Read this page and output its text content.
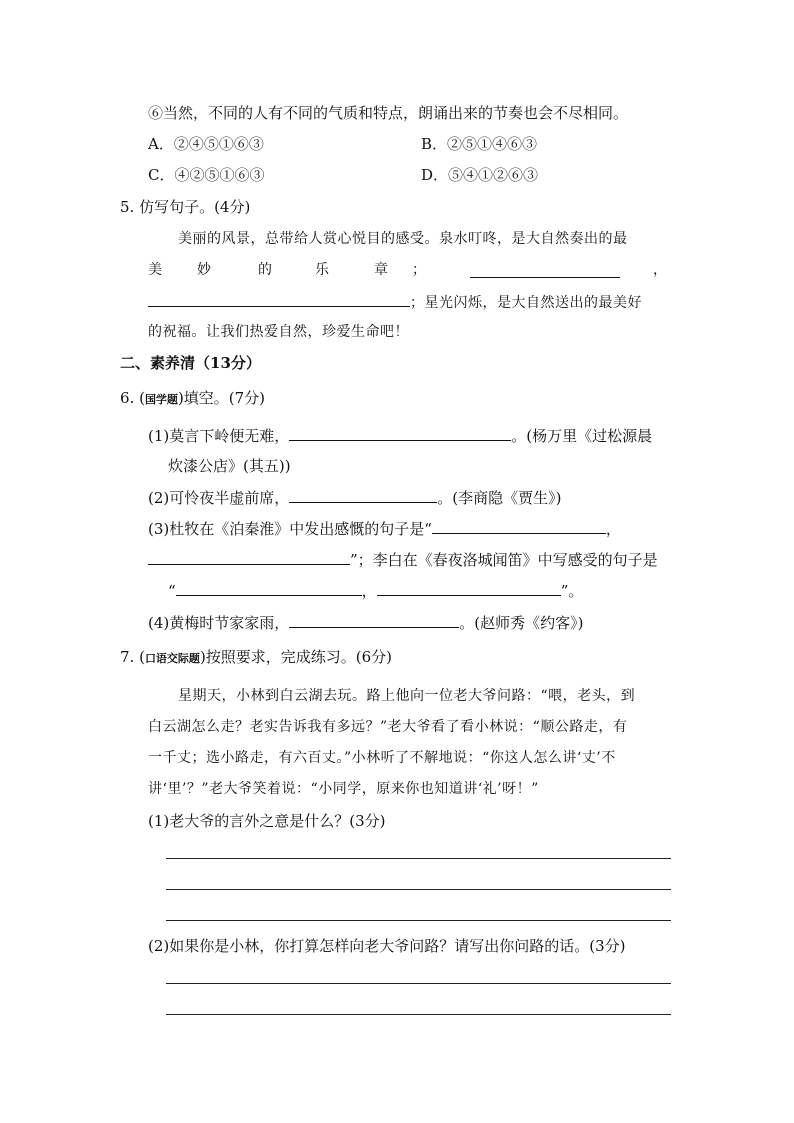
⑥当然，不同的人有不同的气质和特点，朗诵出来的节奏也会不尽相同。
A．②④⑤①⑥③	B．②⑤①④⑥③
C．④②⑤①⑥③	D．⑤④①②⑥③
5. 仿写句子。(4分)
美丽的风景，总带给人赏心悦目的感受。泉水叮咚，是大自然奏出的最
美 妙	的	乐	章 ；	，
；星光闪烁，是大自然送出的最美好
的祝福。让我们热爱自然，珍爱生命吧！
二、素养清（13分）
6. (国学题)填空。(7分)
(1)莫言下岭便无难，	。(杨万里《过松源晨
炊漆公店》(其五))
(2)可怜夜半虚前席，	。(李商隐《贾生》)
(3)杜牧在《泊秦淮》中发出感慨的句子是“	，
”；李白在《春夜洛城闻笛》中写感受的句子是
“	，	”。
(4)黄梅时节家家雨，	。(赵师秀《约客》)
7. (口语交际题)按照要求，完成练习。(6分)
星期天，小林到白云湖去玩。路上他向一位老大爷问路：“喂，老头，到
白云湖怎么走？老实告诉我有多远？”老大爷看了看小林说：“顺公路走，有
一千丈；选小路走，有六百丈。”小林听了不解地说：“你这人怎么讲‘丈’不
讲‘里’？”老大爷笑着说：“小同学，原来你也知道讲‘礼’呀！”
(1)老大爷的言外之意是什么？(3分)
(2)如果你是小林，你打算怎样向老大爷问路？请写出你问路的话。(3分)
